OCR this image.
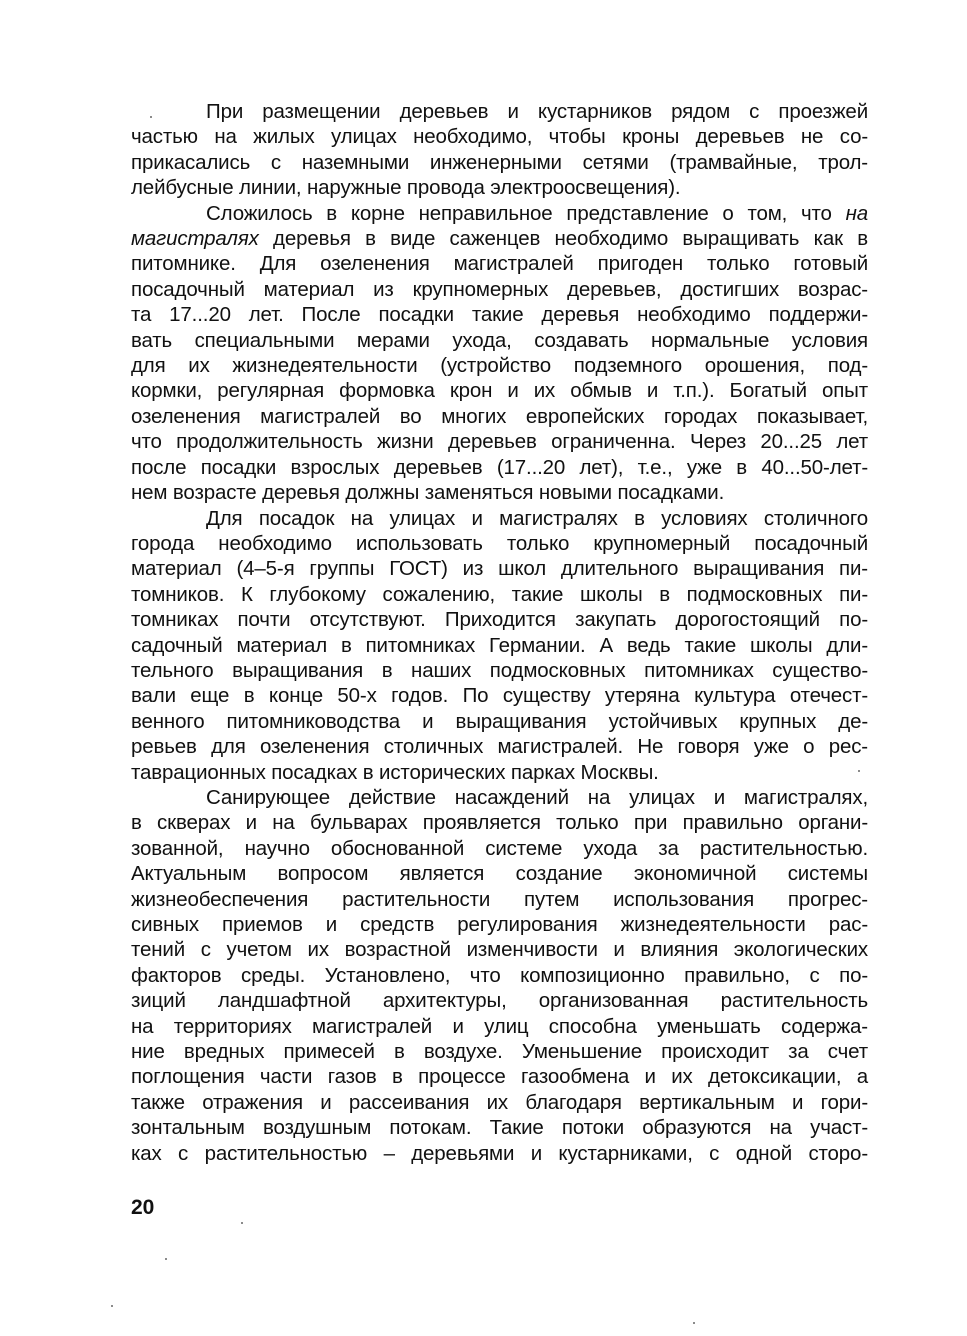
При размещении деревьев и кустарников рядом с проезжей
частью на жилых улицах необходимо, чтобы кроны деревьев не со-
прикасались с наземными инженерными сетями (трамвайные, трол-
лейбусные линии, наружные провода электроосвещения).

Сложилось в корне неправильное представление о том, что на
магистралях деревья в виде саженцев необходимо выращивать как в
питомнике. Для озеленения магистралей пригоден только готовый
посадочный материал из крупномерных деревьев, достигших возрас-
та 17...20 лет. После посадки такие деревья необходимо поддержи-
вать специальными мерами ухода, создавать нормальные условия
для их жизнедеятельности (устройство подземного орошения, под-
кормки, регулярная формовка крон и их обмыв и т.п.). Богатый опыт
озеленения магистралей во многих европейских городах показывает,
что продолжительность жизни деревьев ограниченна. Через 20...25 лет
после посадки взрослых деревьев (17...20 лет), т.е., уже в 40...50-лет-
нем возрасте деревья должны заменяться новыми посадками.

Для посадок на улицах и магистралях в условиях столичного
города необходимо использовать только крупномерный посадочный
материал (4–5-я группы ГОСТ) из школ длительного выращивания пи-
томников. К глубокому сожалению, такие школы в подмосковных пи-
томниках почти отсутствуют. Приходится закупать дорогостоящий по-
садочный материал в питомниках Германии. А ведь такие школы дли-
тельного выращивания в наших подмосковных питомниках существо-
вали еще в конце 50-х годов. По существу утеряна культура отечест-
венного питомниководства и выращивания устойчивых крупных де-
ревьев для озеленения столичных магистралей. Не говоря уже о рес-
таврационных посадках в исторических парках Москвы.

Санирующее действие насаждений на улицах и магистралях,
в скверах и на бульварах проявляется только при правильно органи-
зованной, научно обоснованной системе ухода за растительностью.
Актуальным вопросом является создание экономичной системы
жизнеобеспечения растительности путем использования прогрес-
сивных приемов и средств регулирования жизнедеятельности рас-
тений с учетом их возрастной изменчивости и влияния экологических
факторов среды. Установлено, что композиционно правильно, с по-
зиций ландшафтной архитектуры, организованная растительность
на территориях магистралей и улиц способна уменьшать содержа-
ние вредных примесей в воздухе. Уменьшение происходит за счет
поглощения части газов в процессе газообмена и их детоксикации, а
также отражения и рассеивания их благодаря вертикальным и гори-
зонтальным воздушным потокам. Такие потоки образуются на участ-
ках с растительностью – деревьями и кустарниками, с одной сторо-

20
